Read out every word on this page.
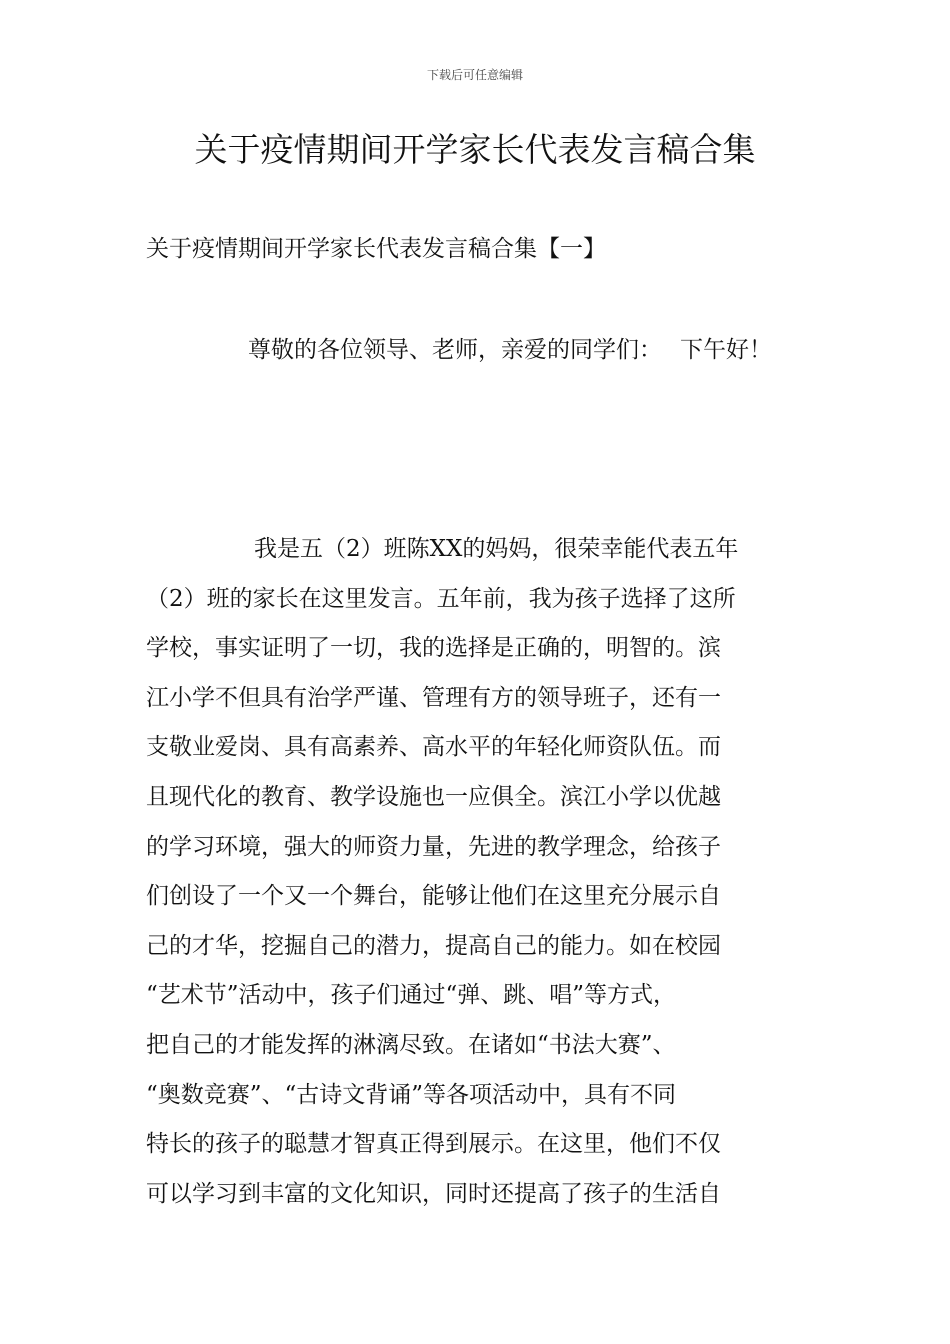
下载后可任意编辑
关于疫情期间开学家长代表发言稿合集
关于疫情期间开学家长代表发言稿合集【一】
尊敬的各位领导、老师，亲爱的同学们： 下午好！
我是五（2）班陈XX的妈妈，很荣幸能代表五年
（2）班的家长在这里发言。五年前，我为孩子选择了这所
学校，事实证明了一切，我的选择是正确的，明智的。滨
江小学不但具有治学严谨、管理有方的领导班子，还有一
支敬业爱岗、具有高素养、高水平的年轻化师资队伍。而
且现代化的教育、教学设施也一应俱全。滨江小学以优越
的学习环境，强大的师资力量，先进的教学理念，给孩子
们创设了一个又一个舞台，能够让他们在这里充分展示自
己的才华，挖掘自己的潜力，提高自己的能力。如在校园
“艺术节”活动中，孩子们通过“弹、跳、唱”等方式，
把自己的才能发挥的淋漓尽致。在诸如“书法大赛”、
“奥数竞赛”、“古诗文背诵”等各项活动中，具有不同
特长的孩子的聪慧才智真正得到展示。在这里，他们不仅
可以学习到丰富的文化知识，同时还提高了孩子的生活自
